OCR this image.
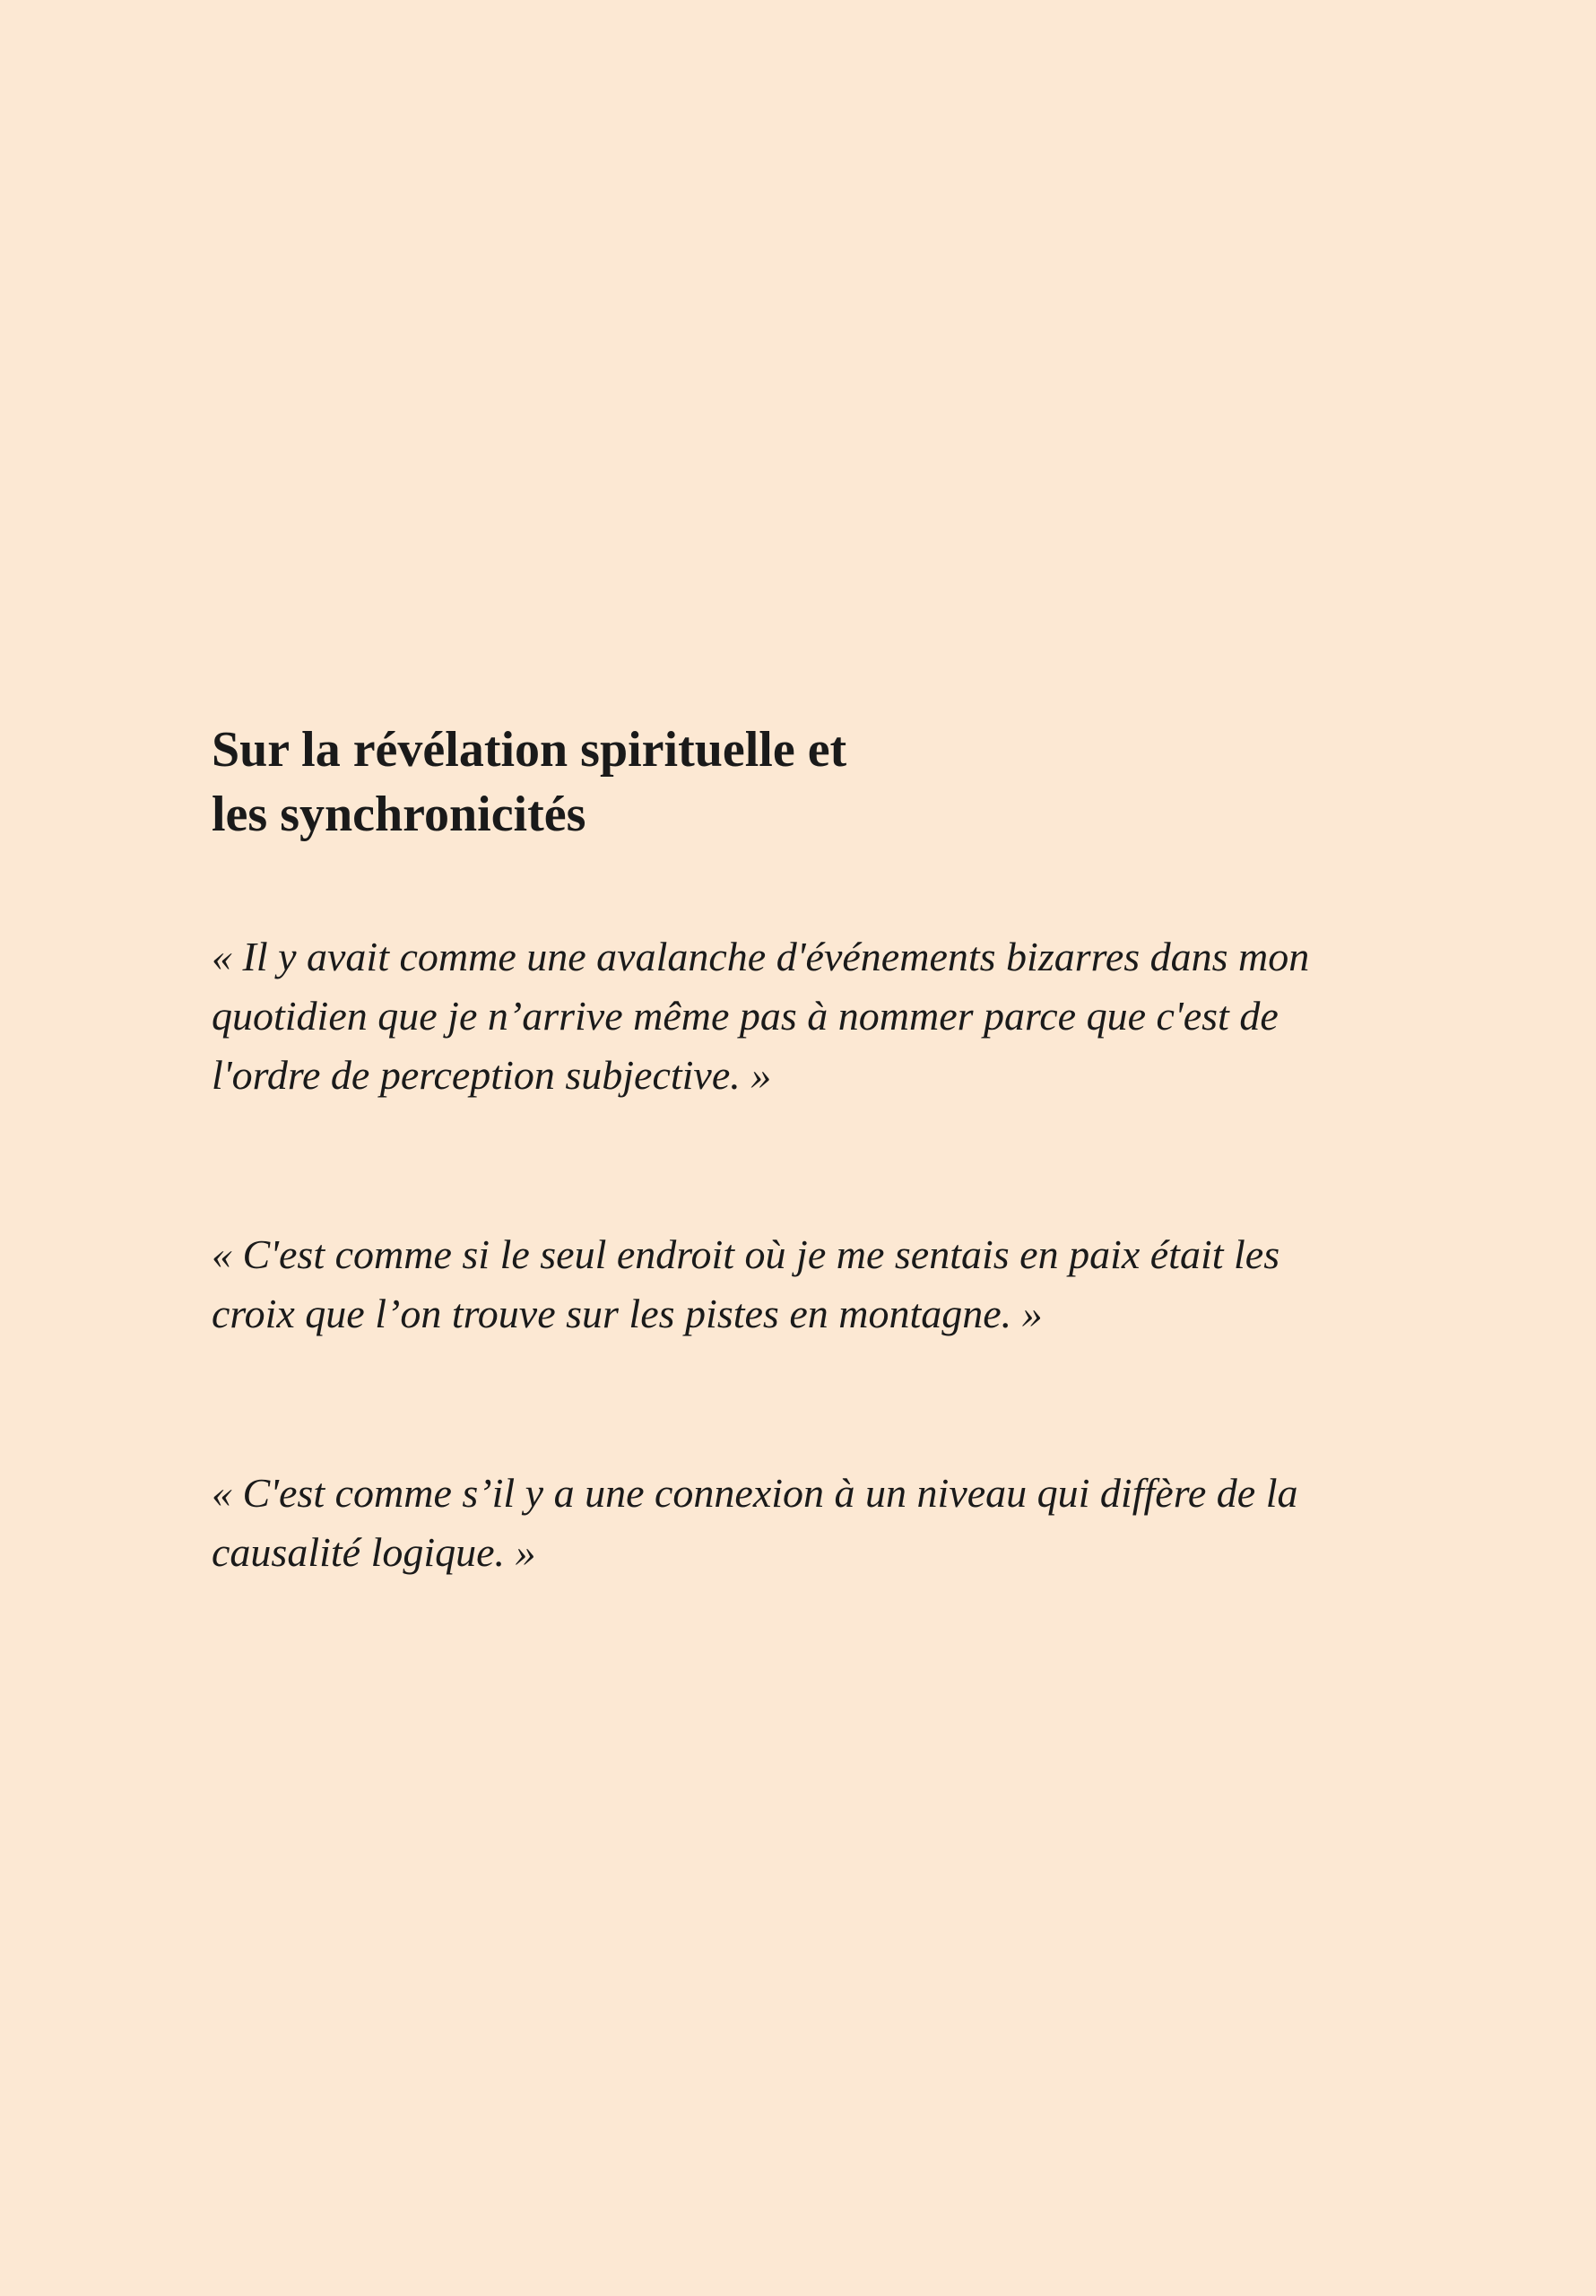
Sur la révélation spirituelle et
les synchronicités

« Il y avait comme une avalanche d'événements bizarres dans mon
quotidien que je n’arrive même pas à nommer parce que c'est de
l'ordre de perception subjective. »

« C'est comme si le seul endroit où je me sentais en paix était les
croix que l’on trouve sur les pistes en montagne. »

« C'est comme s’il y a une connexion à un niveau qui diffère de la
causalité logique. »
